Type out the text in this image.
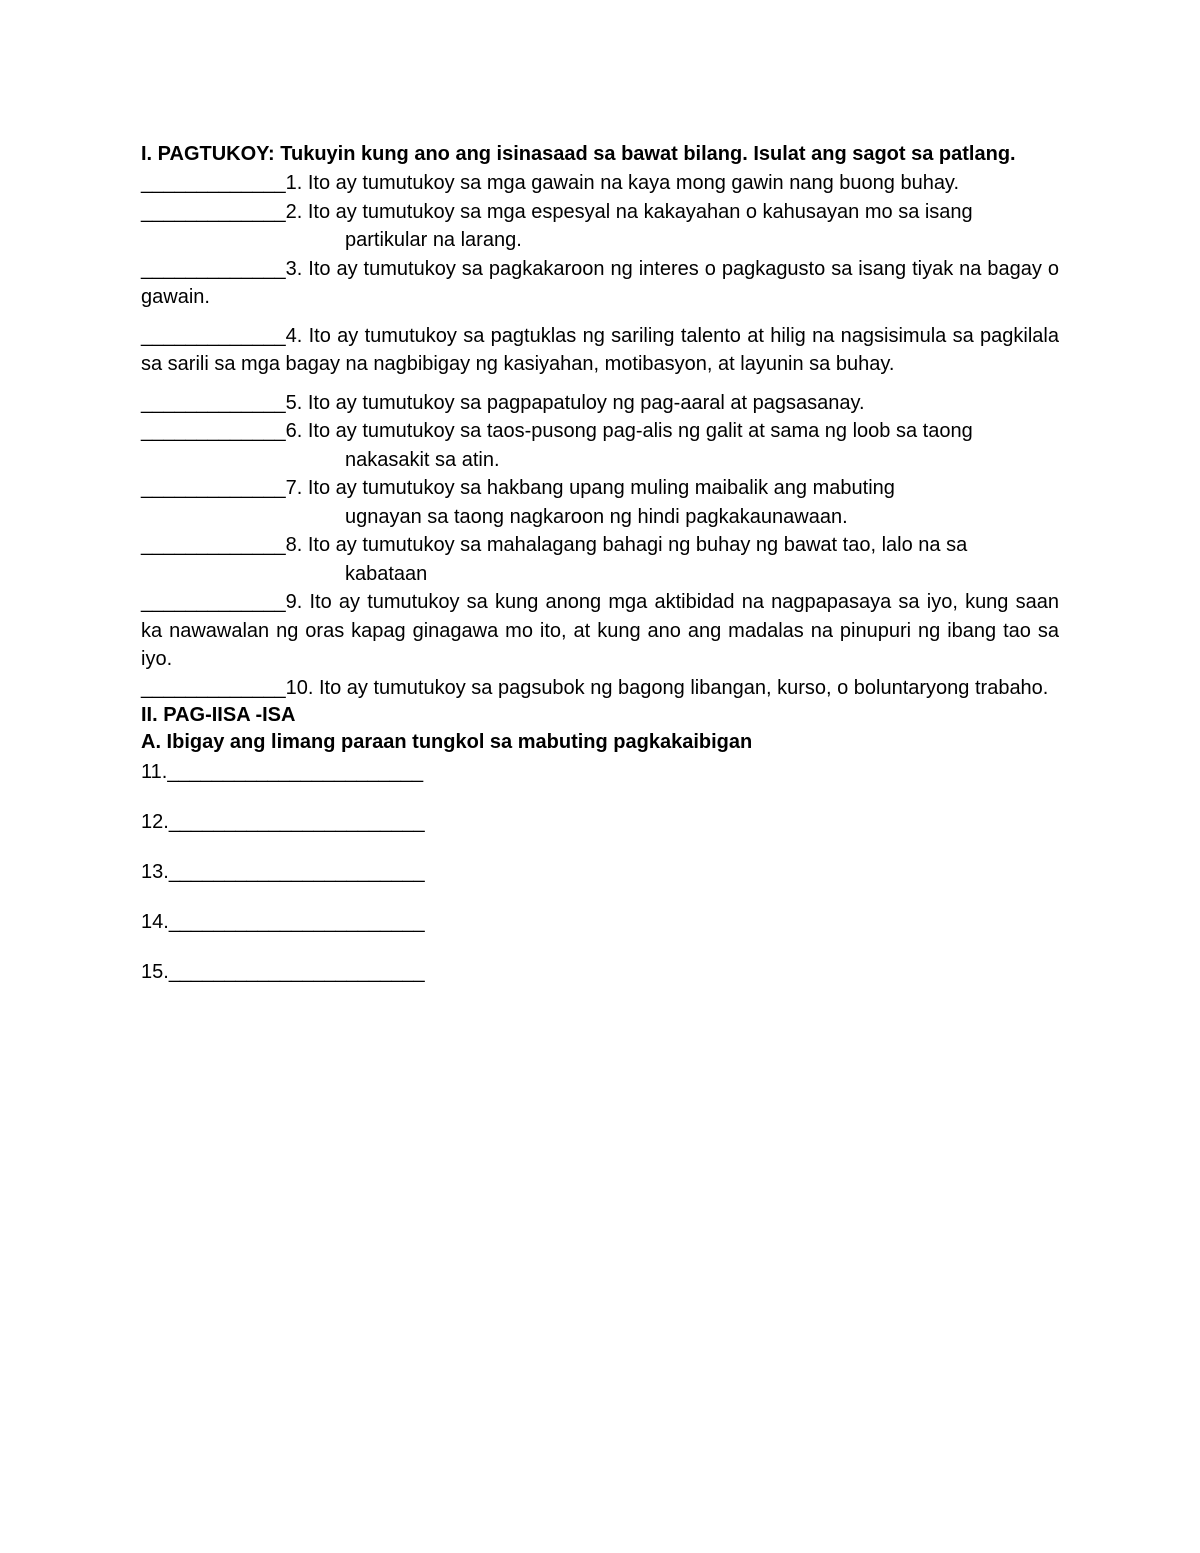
I. PAGTUKOY: Tukuyin kung ano ang isinasaad sa bawat bilang. Isulat ang sagot sa patlang.
_____________1. Ito ay tumutukoy sa mga gawain na kaya mong gawin nang buong buhay.
_____________2. Ito ay tumutukoy sa mga espesyal na kakayahan o kahusayan mo sa isang
partikular na larang.
_____________3. Ito ay tumutukoy sa pagkakaroon ng interes o pagkagusto sa isang tiyak na bagay o gawain.
_____________4. Ito ay tumutukoy sa pagtuklas ng sariling talento at hilig na nagsisimula sa pagkilala sa sarili sa mga bagay na nagbibigay ng kasiyahan, motibasyon, at layunin sa buhay.
_____________5. Ito ay tumutukoy sa pagpapatuloy ng pag-aaral at pagsasanay.
_____________6. Ito ay tumutukoy sa taos-pusong pag-alis ng galit at sama ng loob sa taong
nakasakit sa atin.
_____________7. Ito ay tumutukoy sa hakbang upang muling maibalik ang mabuting
ugnayan sa taong nagkaroon ng hindi pagkakaunawaan.
_____________8. Ito ay tumutukoy sa mahalagang bahagi ng buhay ng bawat tao, lalo na sa
kabataan
_____________9. Ito ay tumutukoy sa kung anong mga aktibidad na nagpapasaya sa iyo, kung saan ka nawawalan ng oras kapag ginagawa mo ito, at kung ano ang madalas na pinupuri ng ibang tao sa iyo.
_____________10. Ito ay tumutukoy sa pagsubok ng bagong libangan, kurso, o boluntaryong trabaho.
II. PAG-IISA -ISA
A. Ibigay ang limang paraan tungkol sa mabuting pagkakaibigan
11._______________________
12._______________________
13._______________________
14._______________________
15._______________________
